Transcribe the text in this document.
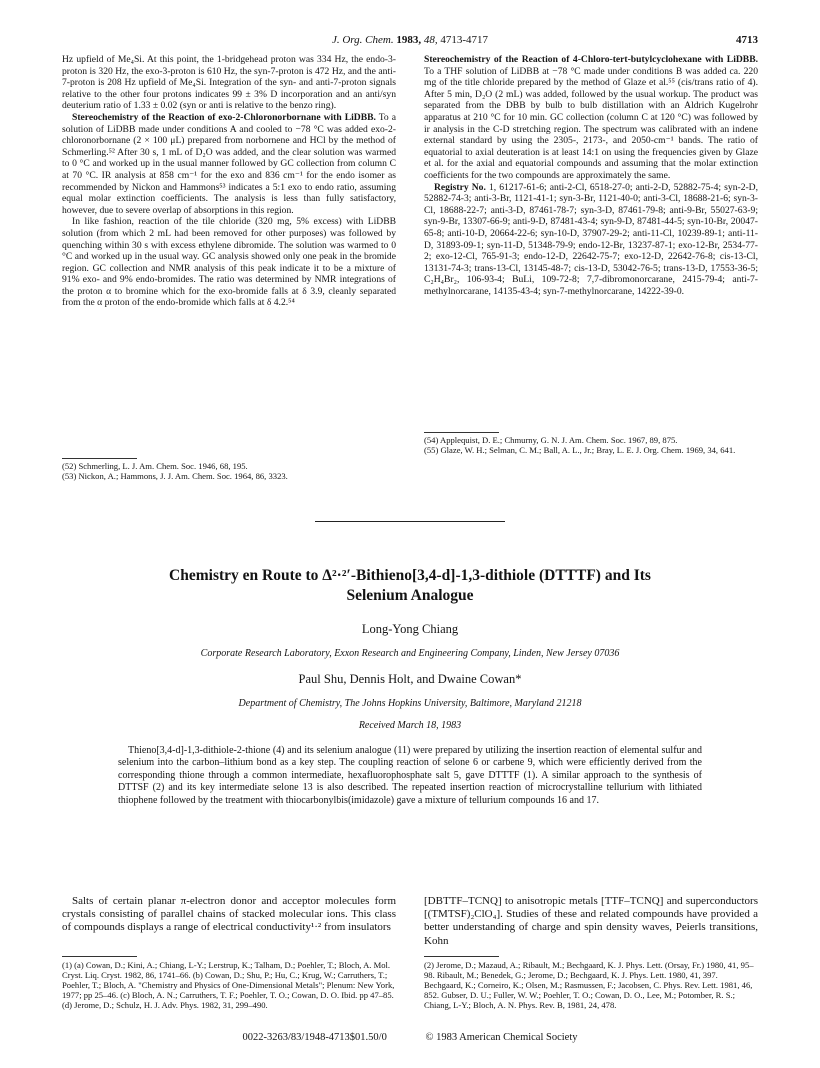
J. Org. Chem. 1983, 48, 4713-4717	4713

Hz upfield of Me₄Si. At this point, the 1-bridgehead proton was 334 Hz, the endo-3-proton is 320 Hz, the exo-3-proton is 610 Hz, the syn-7-proton is 472 Hz, and the anti-7-proton is 208 Hz upfield of Me₄Si. Integration of the syn- and anti-7-proton signals relative to the other four protons indicates 99 ± 3% D incorporation and an anti/syn deuterium ratio of 1.33 ± 0.02 (syn or anti is relative to the benzo ring).

Stereochemistry of the Reaction of exo-2-Chloronorbornane with LiDBB. To a solution of LiDBB made under conditions A and cooled to −78 °C was added exo-2-chloronorbornane (2 × 100 μL) prepared from norbornene and HCl by the method of Schmerling.⁵² After 30 s, 1 mL of D₂O was added, and the clear solution was warmed to 0 °C and worked up in the usual manner followed by GC collection from column C at 70 °C. IR analysis at 858 cm⁻¹ for the exo and 836 cm⁻¹ for the endo isomer as recommended by Nickon and Hammons⁵³ indicates a 5:1 exo to endo ratio, assuming equal molar extinction coefficients. The analysis is less than fully satisfactory, however, due to severe overlap of absorptions in this region.

In like fashion, reaction of the tile chloride (320 mg, 5% excess) with LiDBB solution (from which 2 mL had been removed for other purposes) was followed by quenching within 30 s with excess ethylene dibromide. The solution was warmed to 0 °C and worked up in the usual way. GC analysis showed only one peak in the bromide region. GC collection and NMR analysis of this peak indicate it to be a mixture of 91% exo- and 9% endo-bromides. The ratio was determined by NMR integrations of the proton α to bromine which for the exo-bromide falls at δ 3.9, cleanly separated from the α proton of the endo-bromide which falls at δ 4.2.⁵⁴

(52) Schmerling, L. J. Am. Chem. Soc. 1946, 68, 195.
(53) Nickon, A.; Hammons, J. J. Am. Chem. Soc. 1964, 86, 3323.

Stereochemistry of the Reaction of 4-Chloro-tert-butylcyclohexane with LiDBB. To a THF solution of LiDBB at −78 °C made under conditions B was added ca. 220 mg of the title chloride prepared by the method of Glaze et al.⁵⁵ (cis/trans ratio of 4). After 5 min, D₂O (2 mL) was added, followed by the usual workup. The product was separated from the DBB by bulb to bulb distillation with an Aldrich Kugelrohr apparatus at 210 °C for 10 min. GC collection (column C at 120 °C) was followed by ir analysis in the C-D stretching region. The spectrum was calibrated with an indene external standard by using the 2305-, 2173-, and 2050-cm⁻¹ bands. The ratio of equatorial to axial deuteration is at least 14:1 on using the frequencies given by Glaze et al. for the axial and equatorial compounds and assuming that the molar extinction coefficients for the two compounds are approximately the same.

Registry No. 1, 61217-61-6; anti-2-Cl, 6518-27-0; anti-2-D, 52882-75-4; syn-2-D, 52882-74-3; anti-3-Br, 1121-41-1; syn-3-Br, 1121-40-0; anti-3-Cl, 18688-21-6; syn-3-Cl, 18688-22-7; anti-3-D, 87461-78-7; syn-3-D, 87461-79-8; anti-9-Br, 55027-63-9; syn-9-Br, 13307-66-9; anti-9-D, 87481-43-4; syn-9-D, 87481-44-5; syn-10-Br, 20047-65-8; anti-10-D, 20664-22-6; syn-10-D, 37907-29-2; anti-11-Cl, 10239-89-1; anti-11-D, 31893-09-1; syn-11-D, 51348-79-9; endo-12-Br, 13237-87-1; exo-12-Br, 2534-77-2; exo-12-Cl, 765-91-3; endo-12-D, 22642-75-7; exo-12-D, 22642-76-8; cis-13-Cl, 13131-74-3; trans-13-Cl, 13145-48-7; cis-13-D, 53042-76-5; trans-13-D, 17553-36-5; C₂H₄Br₂, 106-93-4; BuLi, 109-72-8; 7,7-dibromonorcarane, 2415-79-4; anti-7-methylnorcarane, 14135-43-4; syn-7-methylnorcarane, 14222-39-0.

(54) Applequist, D. E.; Chmurny, G. N. J. Am. Chem. Soc. 1967, 89, 875.
(55) Glaze, W. H.; Selman, C. M.; Ball, A. L., Jr.; Bray, L. E. J. Org. Chem. 1969, 34, 641.
Chemistry en Route to Δ²·²′-Bithieno[3,4-d]-1,3-dithiole (DTTTF) and Its
Selenium Analogue
Long-Yong Chiang
Corporate Research Laboratory, Exxon Research and Engineering Company, Linden, New Jersey 07036
Paul Shu, Dennis Holt, and Dwaine Cowan*
Department of Chemistry, The Johns Hopkins University, Baltimore, Maryland 21218
Received March 18, 1983
Thieno[3,4-d]-1,3-dithiole-2-thione (4) and its selenium analogue (11) were prepared by utilizing the insertion reaction of elemental sulfur and selenium into the carbon–lithium bond as a key step. The coupling reaction of selone 6 or carbene 9, which were efficiently derived from the corresponding thione through a common intermediate, hexafluorophosphate salt 5, gave DTTTF (1). A similar approach to the synthesis of DTTSF (2) and its key intermediate selone 13 is also described. The repeated insertion reaction of microcrystalline tellurium with lithiated thiophene followed by the treatment with thiocarbonylbis(imidazole) gave a mixture of tellurium compounds 16 and 17.
Salts of certain planar π-electron donor and acceptor molecules form crystals consisting of parallel chains of stacked molecular ions. This class of compounds displays a range of electrical conductivity¹·² from insulators
[DBTTF–TCNQ] to anisotropic metals [TTF–TCNQ] and superconductors [(TMTSF)₂ClO₄]. Studies of these and related compounds have provided a better understanding of charge and spin density waves, Peierls transitions, Kohn
(1) (a) Cowan, D.; Kini, A.; Chiang, L-Y.; Lerstrup, K.; Talham, D.; Poehler, T.; Bloch, A. Mol. Cryst. Liq. Cryst. 1982, 86, 1741–66. (b) Cowan, D.; Shu, P.; Hu, C.; Krug, W.; Carruthers, T.; Poehler, T.; Bloch, A. "Chemistry and Physics of One-Dimensional Metals"; Plenum: New York, 1977; pp 25–46. (c) Bloch, A. N.; Carruthers, T. F.; Poehler, T. O.; Cowan, D. O. Ibid. pp 47–85. (d) Jerome, D.; Schulz, H. J. Adv. Phys. 1982, 31, 299–490.
(2) Jerome, D.; Mazaud, A.; Ribault, M.; Bechgaard, K. J. Phys. Lett. (Orsay, Fr.) 1980, 41, 95–98. Ribault, M.; Benedek, G.; Jerome, D.; Bechgaard, K. J. Phys. Lett. 1980, 41, 397. Bechgaard, K.; Corneiro, K.; Olsen, M.; Rasmussen, F.; Jacobsen, C. Phys. Rev. Lett. 1981, 46, 852. Gubser, D. U.; Fuller, W. W.; Poehler, T. O.; Cowan, D. O., Lee, M.; Potomber, R. S.; Chiang, L-Y.; Bloch, A. N. Phys. Rev. B, 1981, 24, 478.
0022-3263/83/1948-4713$01.50/0	© 1983 American Chemical Society
